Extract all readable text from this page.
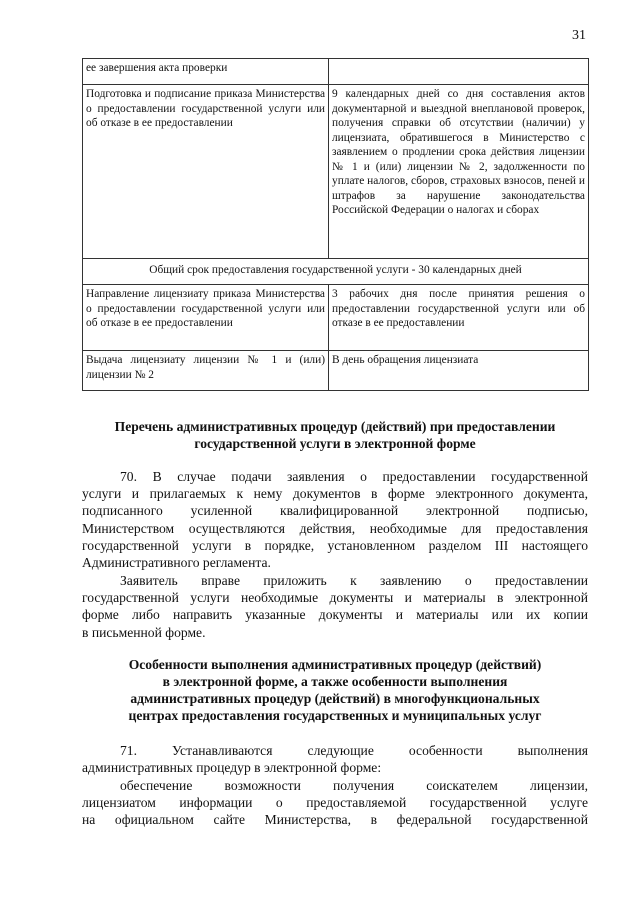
31
ее завершения акта проверки	
Подготовка и подписание приказа Министерства о предоставлении государственной услуги или об отказе в ее предоставлении	9 календарных дней со дня составления актов документарной и выездной внеплановой проверок, получения справки об отсутствии (наличии) у лицензиата, обратившегося в Министерство с заявлением о продлении срока действия лицензии № 1 и (или) лицензии № 2, задолженности по уплате налогов, сборов, страховых взносов, пеней и штрафов за нарушение законодательства Российской Федерации о налогах и сборах
Общий срок предоставления государственной услуги - 30 календарных дней	
Направление лицензиату приказа Министерства о предоставлении государственной услуги или об отказе в ее предоставлении	3 рабочих дня после принятия решения о предоставлении государственной услуги или об отказе в ее предоставлении
Выдача лицензиату лицензии № 1 и (или) лицензии № 2	В день обращения лицензиата
Перечень административных процедур (действий) при предоставлении
государственной услуги в электронной форме
70. В случае подачи заявления о предоставлении государственной
услуги и прилагаемых к нему документов в форме электронного документа,
подписанного усиленной квалифицированной электронной подписью,
Министерством осуществляются действия, необходимые для предоставления
государственной услуги в порядке, установленном разделом III настоящего
Административного регламента.
Заявитель вправе приложить к заявлению о предоставлении
государственной услуги необходимые документы и материалы в электронной
форме либо направить указанные документы и материалы или их копии
в письменной форме.
Особенности выполнения административных процедур (действий)
в электронной форме, а также особенности выполнения
административных процедур (действий) в многофункциональных
центрах предоставления государственных и муниципальных услуг
71. Устанавливаются следующие особенности выполнения
административных процедур в электронной форме:
обеспечение возможности получения соискателем лицензии,
лицензиатом информации о предоставляемой государственной услуге
на официальном сайте Министерства, в федеральной государственной
